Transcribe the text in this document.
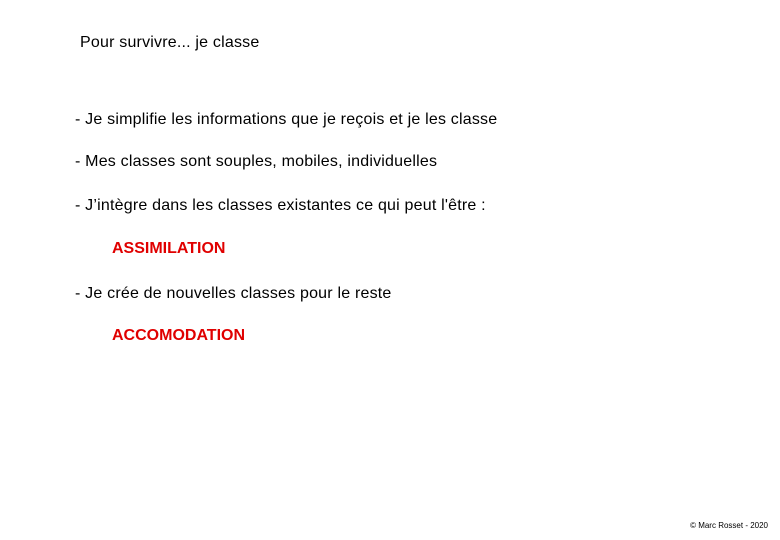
Pour survivre... je classe
- Je simplifie les informations que je reçois et je les classe
- Mes classes sont souples, mobiles, individuelles
- J’intègre dans les classes existantes ce qui peut l'être :
ASSIMILATION
- Je crée de nouvelles classes pour le reste
ACCOMODATION
© Marc Rosset - 2020
